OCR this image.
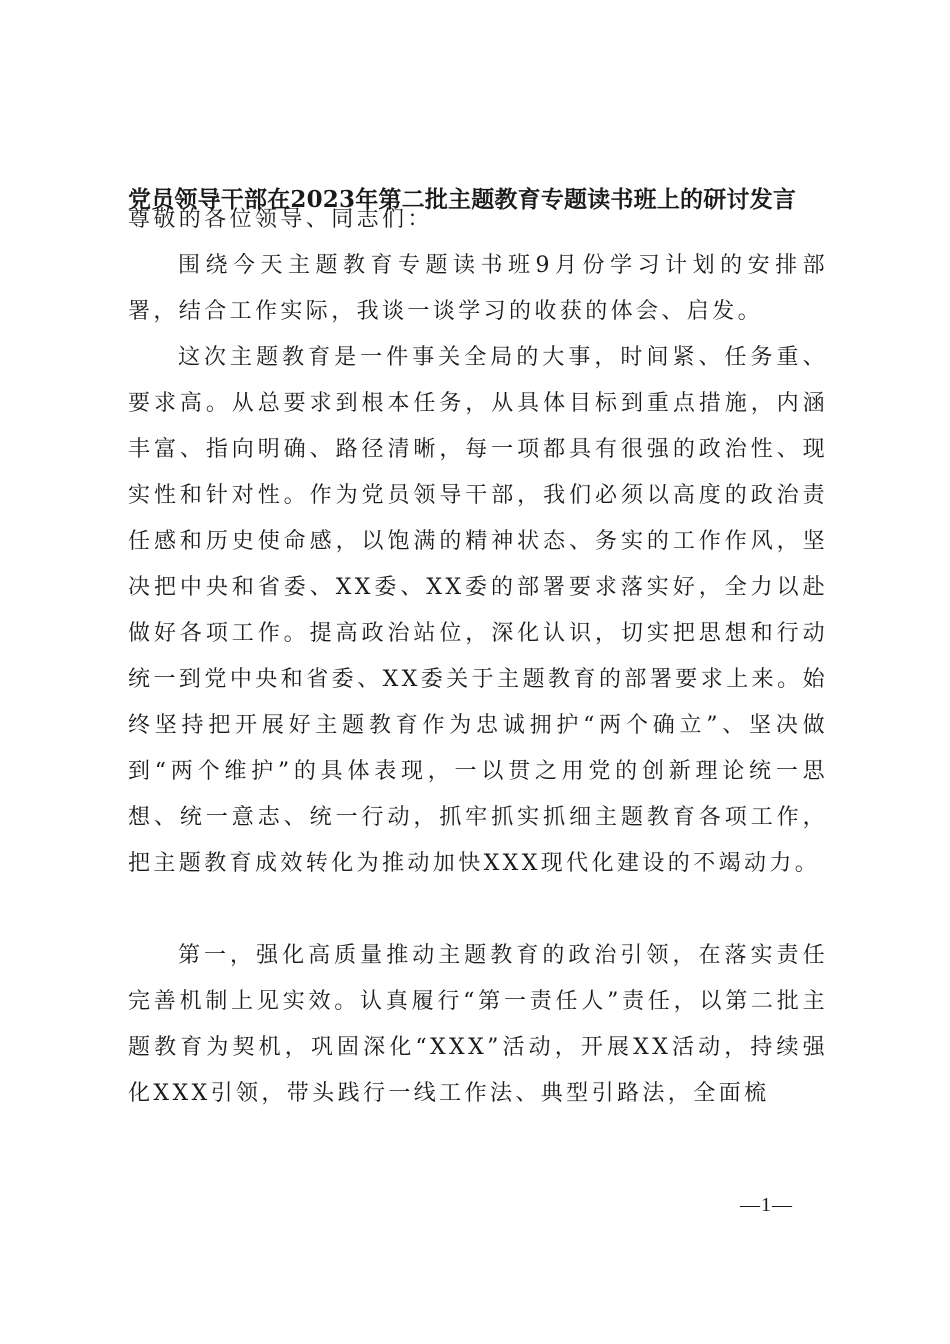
党员领导干部在2023年第二批主题教育专题读书班上的研讨发言
尊敬的各位领导、同志们：

围绕今天主题教育专题读书班9月份学习计划的安排部署，结合工作实际，我谈一谈学习的收获的体会、启发。

这次主题教育是一件事关全局的大事，时间紧、任务重、要求高。从总要求到根本任务，从具体目标到重点措施，内涵丰富、指向明确、路径清晰，每一项都具有很强的政治性、现实性和针对性。作为党员领导干部，我们必须以高度的政治责任感和历史使命感，以饱满的精神状态、务实的工作作风，坚决把中央和省委、XX委、XX委的部署要求落实好，全力以赴做好各项工作。提高政治站位，深化认识，切实把思想和行动统一到党中央和省委、XX委关于主题教育的部署要求上来。始终坚持把开展好主题教育作为忠诚拥护“两个确立”、坚决做到“两个维护”的具体表现，一以贯之用党的创新理论统一思想、统一意志、统一行动，抓牢抓实抓细主题教育各项工作，把主题教育成效转化为推动加快XXX现代化建设的不竭动力。

第一，强化高质量推动主题教育的政治引领，在落实责任完善机制上见实效。认真履行“第一责任人”责任，以第二批主题教育为契机，巩固深化“XXX”活动，开展XX活动，持续强化XXX引领，带头践行一线工作法、典型引路法，全面梳

—1—
